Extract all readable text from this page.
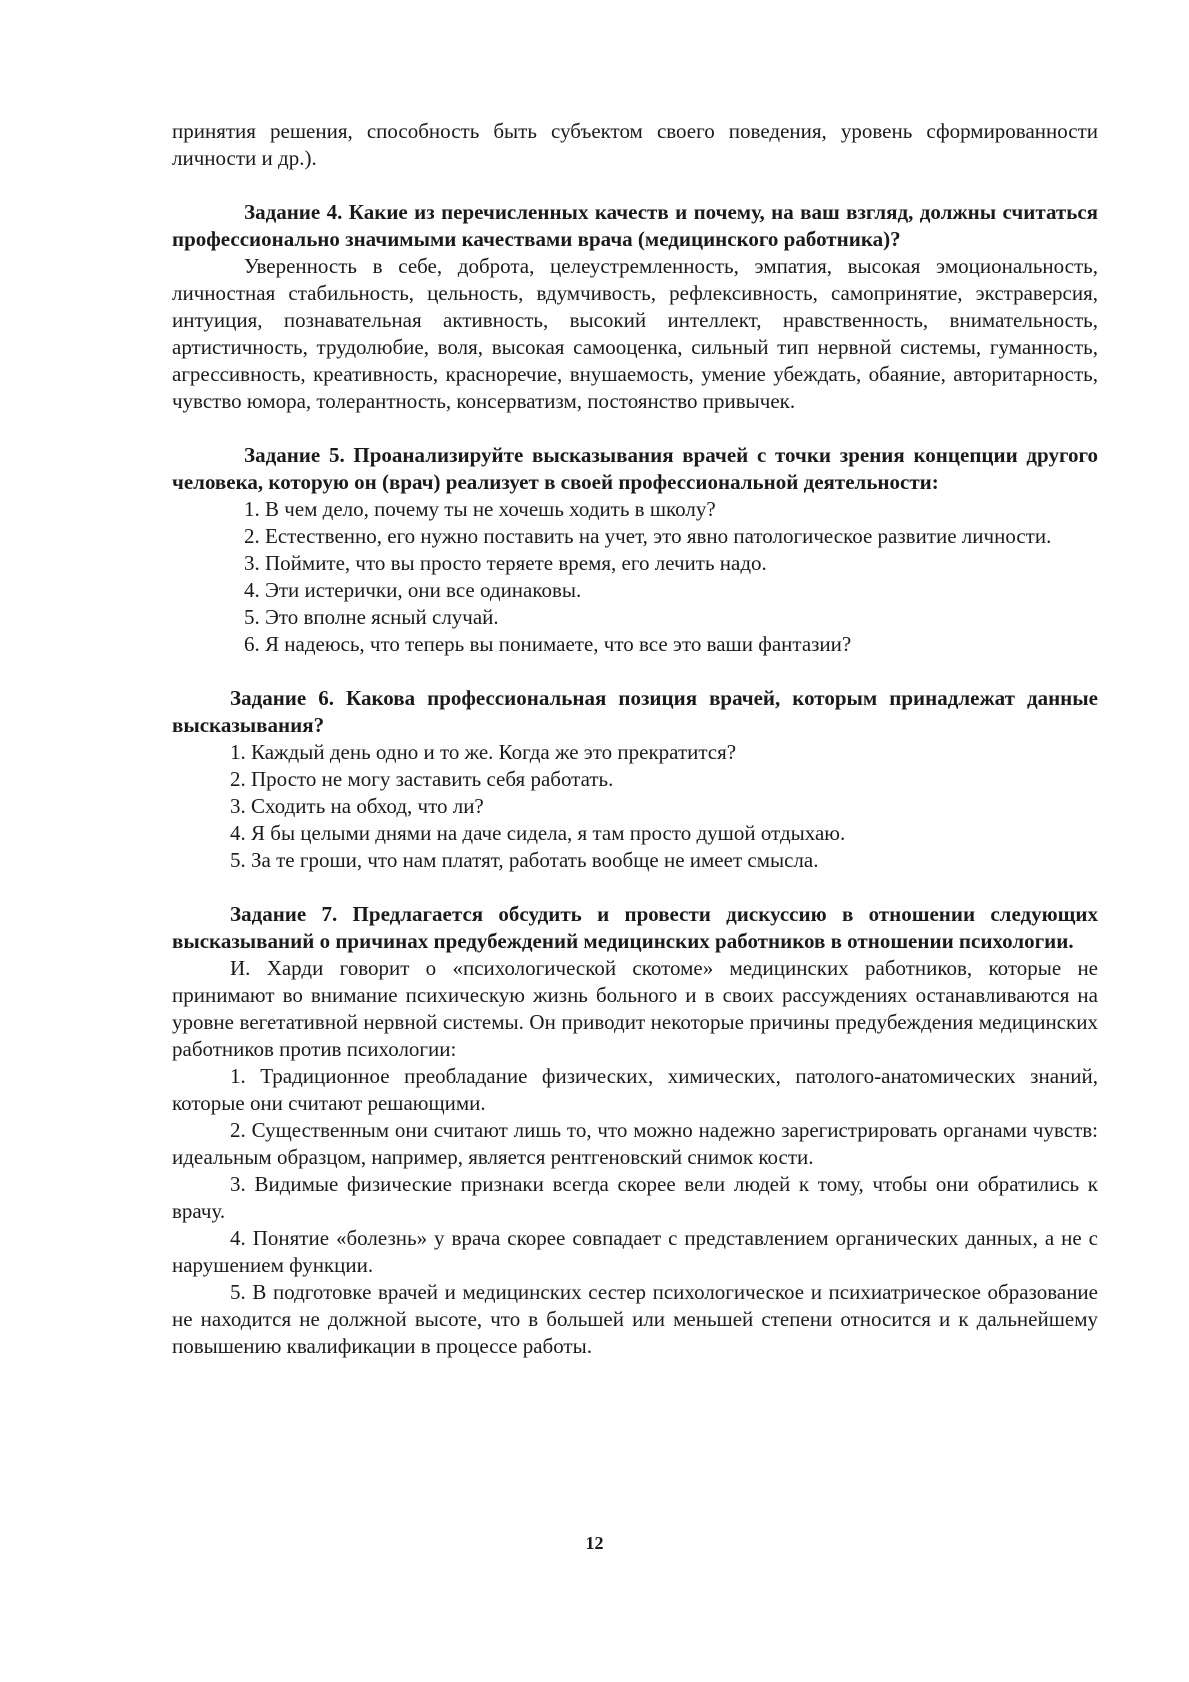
принятия решения, способность быть субъектом своего поведения, уровень сформированности личности и др.).

Задание 4. Какие из перечисленных качеств и почему, на ваш взгляд, должны считаться профессионально значимыми качествами врача (медицинского работника)?

Уверенность в себе, доброта, целеустремленность, эмпатия, высокая эмоциональность, личностная стабильность, цельность, вдумчивость, рефлексивность, самопринятие, экстраверсия, интуиция, познавательная активность, высокий интеллект, нравственность, внимательность, артистичность, трудолюбие, воля, высокая самооценка, сильный тип нервной системы, гуманность, агрессивность, креативность, красноречие, внушаемость, умение убеждать, обаяние, авторитарность, чувство юмора, толерантность, консерватизм, постоянство привычек.

Задание 5. Проанализируйте высказывания врачей с точки зрения концепции другого человека, которую он (врач) реализует в своей профессиональной деятельности:

1. В чем дело, почему ты не хочешь ходить в школу?

2. Естественно, его нужно поставить на учет, это явно патологическое развитие личности.

3. Поймите, что вы просто теряете время, его лечить надо.

4. Эти истерички, они все одинаковы.

5. Это вполне ясный случай.

6. Я надеюсь, что теперь вы понимаете, что все это ваши фантазии?

Задание 6. Какова профессиональная позиция врачей, которым принадлежат данные высказывания?

1. Каждый день одно и то же. Когда же это прекратится?

2. Просто не могу заставить себя работать.

3. Сходить на обход, что ли?

4. Я бы целыми днями на даче сидела, я там просто душой отдыхаю.

5. За те гроши, что нам платят, работать вообще не имеет смысла.

Задание 7. Предлагается обсудить и провести дискуссию в отношении следующих высказываний о причинах предубеждений медицинских работников в отношении психологии.

И. Харди говорит о «психологической скотоме» медицинских работников, которые не принимают во внимание психическую жизнь больного и в своих рассуждениях останавливаются на уровне вегетативной нервной системы. Он приводит некоторые причины предубеждения медицинских работников против психологии:

1. Традиционное преобладание физических, химических, патолого-анатомических знаний, которые они считают решающими.

2. Существенным они считают лишь то, что можно надежно зарегистрировать органами чувств: идеальным образцом, например, является рентгеновский снимок кости.

3. Видимые физические признаки всегда скорее вели людей к тому, чтобы они обратились к врачу.

4. Понятие «болезнь» у врача скорее совпадает с представлением органических данных, а не с нарушением функции.

5. В подготовке врачей и медицинских сестер психологическое и психиатрическое образование не находится не должной высоте, что в большей или меньшей степени относится и к дальнейшему повышению квалификации в процессе работы.

12
